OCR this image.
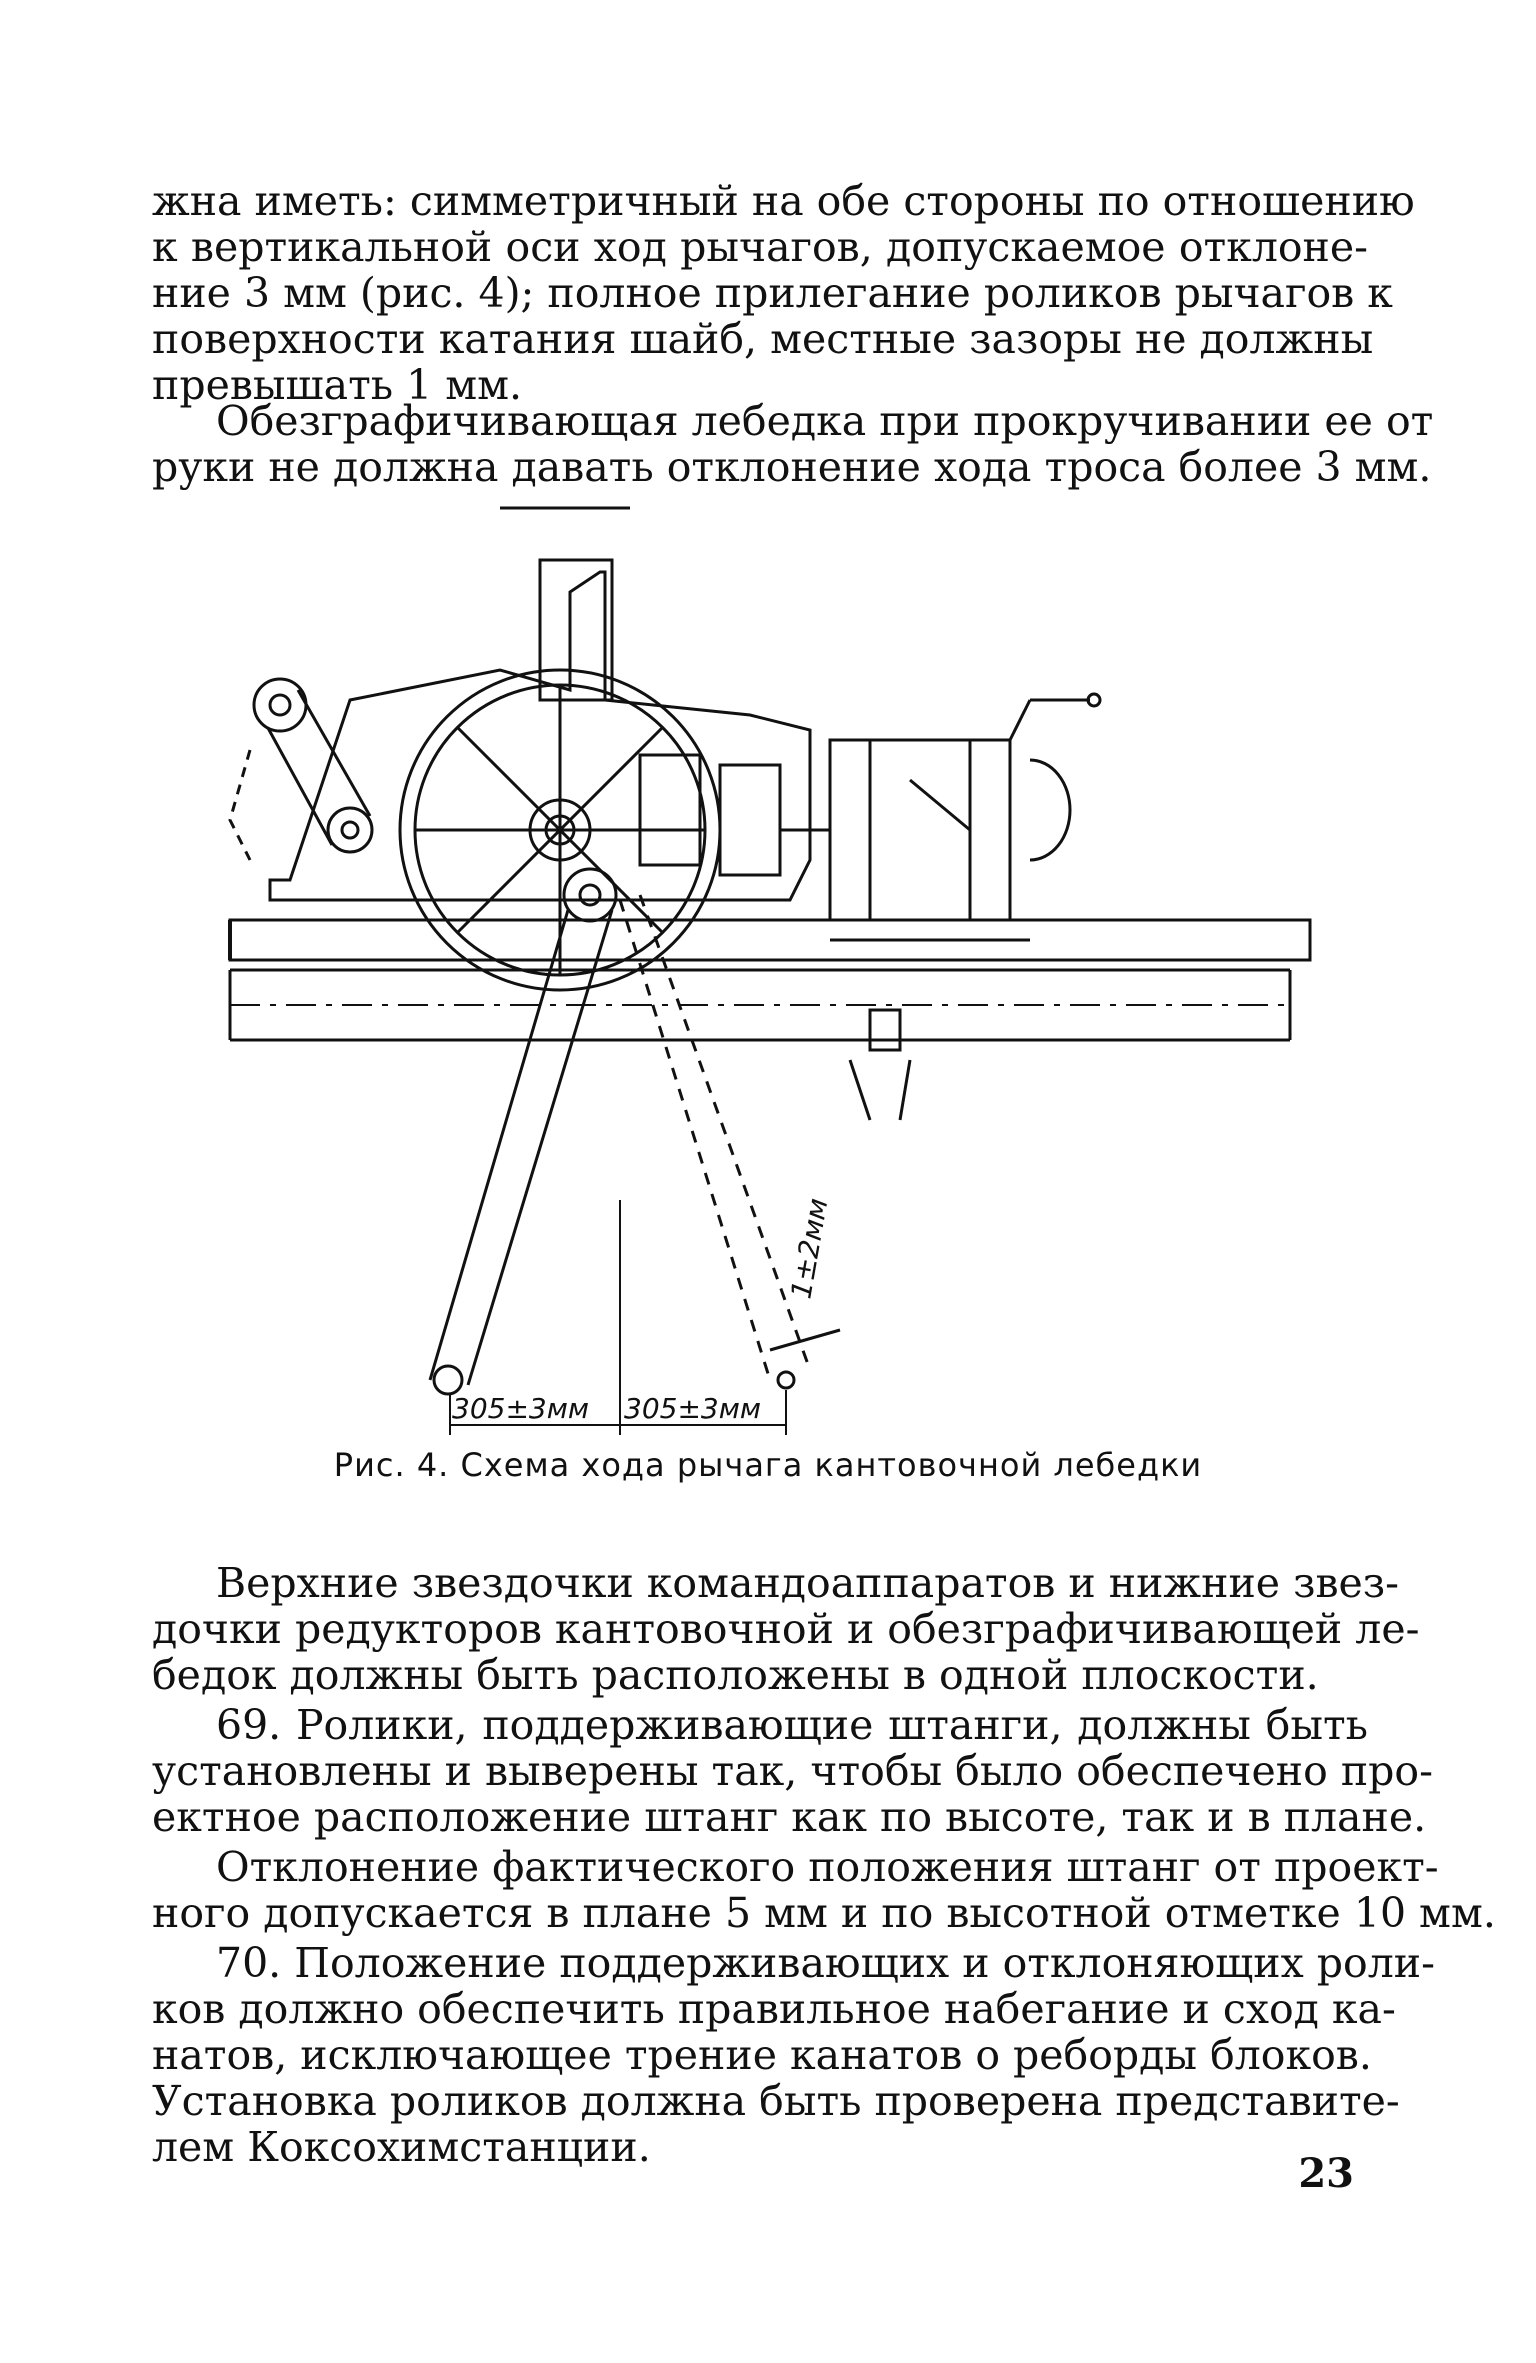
жна иметь: симметричный на обе стороны по отношению
к вертикальной оси ход рычагов, допускаемое отклоне-
ние 3 мм (рис. 4); полное прилегание роликов рычагов к
поверхности катания шайб, местные зазоры не должны
превышать 1 мм.
Обезграфичивающая лебедка при прокручивании ее от
руки не должна давать отклонение хода троса более 3 мм.
305±3мм 305±3мм
1±2мм
Рис. 4. Схема хода рычага кантовочной лебедки
Верхние звездочки командоаппаратов и нижние звез-
дочки редукторов кантовочной и обезграфичивающей ле-
бедок должны быть расположены в одной плоскости.
69. Ролики, поддерживающие штанги, должны быть
установлены и выверены так, чтобы было обеспечено про-
ектное расположение штанг как по высоте, так и в плане.
Отклонение фактического положения штанг от проект-
ного допускается в плане 5 мм и по высотной отметке 10 мм.
70. Положение поддерживающих и отклоняющих роли-
ков должно обеспечить правильное набегание и сход ка-
натов, исключающее трение канатов о реборды блоков.
Установка роликов должна быть проверена представите-
лем Коксохимстанции.
23
